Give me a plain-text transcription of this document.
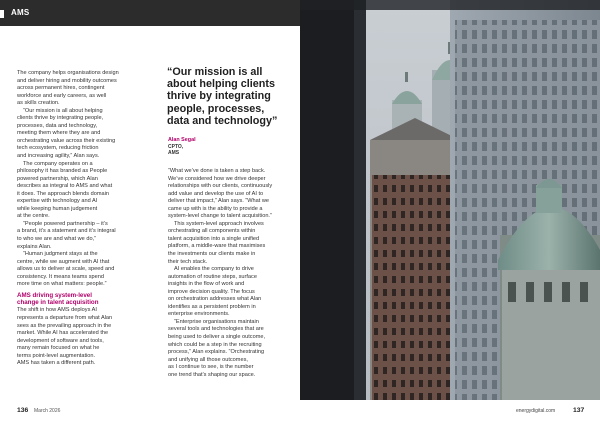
AMS

The company helps organisations design

and deliver hiring and mobility outcomes

across permanent hires, contingent

workforce and early careers, as well

as skills creation.

“Our mission is all about helping

clients thrive by integrating people,

processes, data and technology,

meeting them where they are and

orchestrating value across their existing

tech ecosystem, reducing friction

and increasing agility,” Alan says.

The company operates on a

philosophy it has branded as People

powered partnership, which Alan

describes as integral to AMS and what

it does. The approach blends domain

expertise with technology and AI

while keeping human judgement

at the centre.

“People powered partnership – it’s

a brand, it’s a statement and it’s integral

to who we are and what we do,”

explains Alan.

“Human judgment stays at the

centre, while we augment with AI that

allows us to deliver at scale, speed and

consistency. It means teams spend

more time on what matters: people.”

AMS driving system-level
change in talent acquisition

The shift in how AMS deploys AI

represents a departure from what Alan

sees as the prevailing approach in the

market. While AI has accelerated the

development of software and tools,

many remain focused on what he

terms point-level augmentation.

AMS has taken a different path.

“Our mission is all

about helping clients

thrive by integrating

people, processes,

data and technology”

Alan Segal
CPTO,
AMS

“What we’ve done is taken a step back.

We’ve considered how we drive deeper

relationships with our clients, continuously

add value and develop the use of AI to

deliver that impact,” Alan says. “What we

came up with is the ability to provide a

system-level change to talent acquisition.”

This system-level approach involves

orchestrating all components within

talent acquisition into a single unified

platform, a middle-ware that maximises

the investments our clients make in

their tech stack.

AI enables the company to drive

automation of routine steps, surface

insights in the flow of work and

improve decision quality. The focus

on orchestration addresses what Alan

identifies as a persistent problem in

enterprise environments.

“Enterprise organisations maintain

several tools and technologies that are

being used to deliver a single outcome,

which could be a step in the recruiting

process,” Alan explains. “Orchestrating

and unifying all those outcomes,

as I continue to see, is the number

one trend that’s shaping our space.

136 March 2026	energydigital.com	137
